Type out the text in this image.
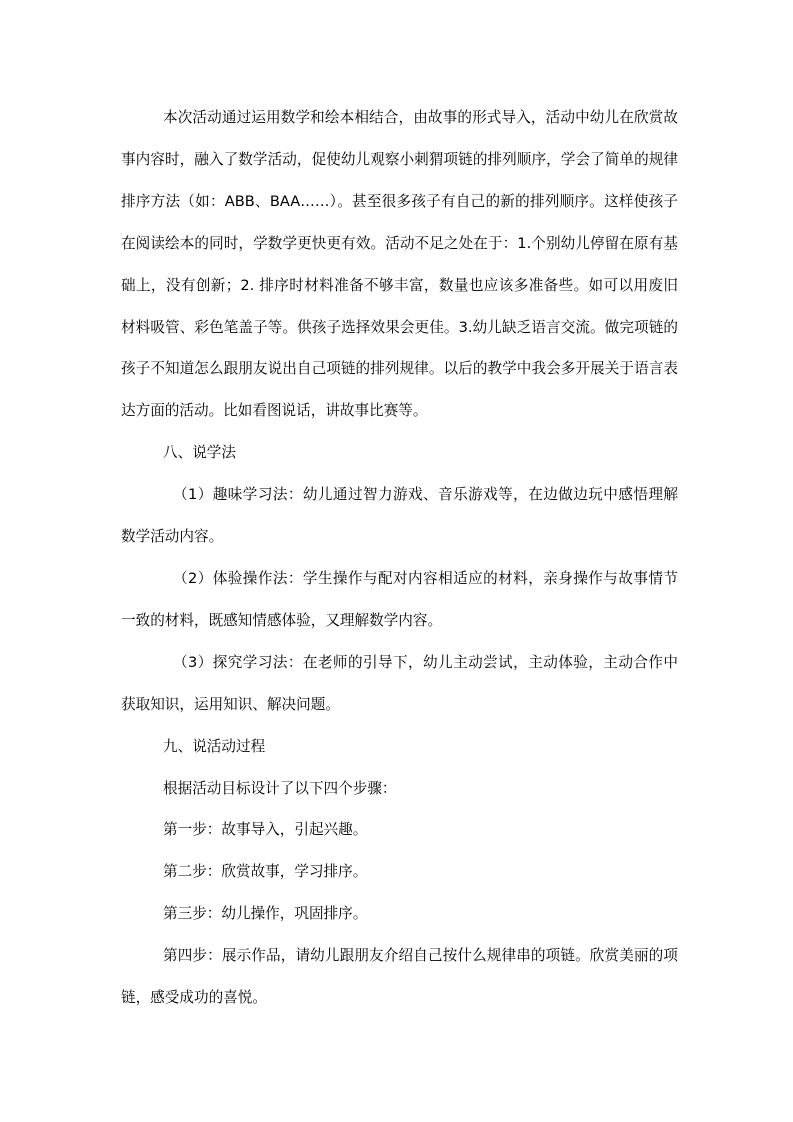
本次活动通过运用数学和绘本相结合，由故事的形式导入，活动中幼儿在欣赏故事内容时，融入了数学活动，促使幼儿观察小刺猬项链的排列顺序，学会了简单的规律排序方法（如：ABB、BAA……）。甚至很多孩子有自己的新的排列顺序。这样使孩子在阅读绘本的同时，学数学更快更有效。活动不足之处在于：1.个别幼儿停留在原有基础上，没有创新；2. 排序时材料准备不够丰富，数量也应该多准备些。如可以用废旧材料吸管、彩色笔盖子等。供孩子选择效果会更佳。3.幼儿缺乏语言交流。做完项链的孩子不知道怎么跟朋友说出自己项链的排列规律。以后的教学中我会多开展关于语言表达方面的活动。比如看图说话，讲故事比赛等。

八、说学法

（1）趣味学习法：幼儿通过智力游戏、音乐游戏等，在边做边玩中感悟理解数学活动内容。

（2）体验操作法：学生操作与配对内容相适应的材料，亲身操作与故事情节一致的材料，既感知情感体验，又理解数学内容。

（3）探究学习法：在老师的引导下，幼儿主动尝试，主动体验，主动合作中获取知识，运用知识、解决问题。

九、说活动过程

根据活动目标设计了以下四个步骤：

第一步：故事导入，引起兴趣。

第二步：欣赏故事，学习排序。

第三步：幼儿操作，巩固排序。

第四步：展示作品，请幼儿跟朋友介绍自己按什么规律串的项链。欣赏美丽的项链，感受成功的喜悦。
